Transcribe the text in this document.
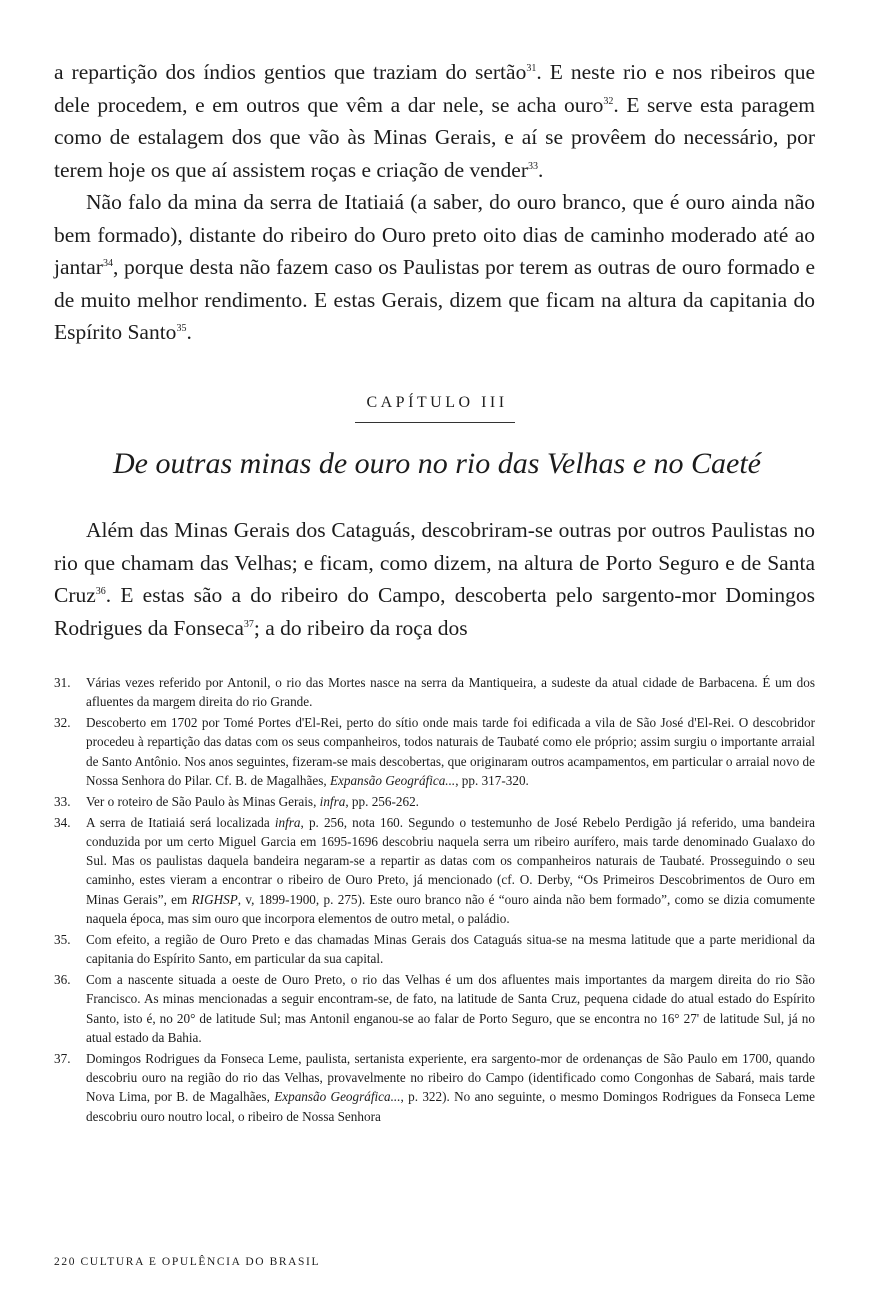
a repartição dos índios gentios que traziam do sertão$^{31}$. E neste rio e nos ribeiros que dele procedem, e em outros que vêm a dar nele, se acha ouro$^{32}$. E serve esta paragem como de estalagem dos que vão às Minas Gerais, e aí se provêem do necessário, por terem hoje os que aí assistem roças e criação de vender$^{33}$.

Não falo da mina da serra de Itatiaiá (a saber, do ouro branco, que é ouro ainda não bem formado), distante do ribeiro do Ouro preto oito dias de caminho moderado até ao jantar$^{34}$, porque desta não fazem caso os Paulistas por terem as outras de ouro formado e de muito melhor rendimento. E estas Gerais, dizem que ficam na altura da capitania do Espírito Santo$^{35}$.

CAPÍTULO III
De outras minas de ouro no rio das Velhas e no Caeté

Além das Minas Gerais dos Cataguás, descobriram-se outras por outros Paulistas no rio que chamam das Velhas; e ficam, como dizem, na altura de Porto Seguro e de Santa Cruz$^{36}$. E estas são a do ribeiro do Campo, descoberta pelo sargento-mor Domingos Rodrigues da Fonseca$^{37}$; a do ribeiro da roça dos

31. Várias vezes referido por Antonil, o rio das Mortes nasce na serra da Mantiqueira, a sudeste da atual cidade de Barbacena. É um dos afluentes da margem direita do rio Grande.
32. Descoberto em 1702 por Tomé Portes d'El-Rei, perto do sítio onde mais tarde foi edificada a vila de São José d'El-Rei. O descobridor procedeu à repartição das datas com os seus companheiros, todos naturais de Taubaté como ele próprio; assim surgiu o importante arraial de Santo Antônio. Nos anos seguintes, fizeram-se mais descobertas, que originaram outros acampamentos, em particular o arraial novo de Nossa Senhora do Pilar. Cf. B. de Magalhães, Expansão Geográfica..., pp. 317-320.
33. Ver o roteiro de São Paulo às Minas Gerais, infra, pp. 256-262.
34. A serra de Itatiaiá será localizada infra, p. 256, nota 160. Segundo o testemunho de José Rebelo Perdigão já referido, uma bandeira conduzida por um certo Miguel Garcia em 1695-1696 descobriu naquela serra um ribeiro aurífero, mais tarde denominado Gualaxo do Sul. Mas os paulistas daquela bandeira negaram-se a repartir as datas com os companheiros naturais de Taubaté. Prosseguindo o seu caminho, estes vieram a encontrar o ribeiro de Ouro Preto, já mencionado (cf. O. Derby, “Os Primeiros Descobrimentos de Ouro em Minas Gerais”, em RIGHSP, v, 1899-1900, p. 275). Este ouro branco não é “ouro ainda não bem formado”, como se dizia comumente naquela época, mas sim ouro que incorpora elementos de outro metal, o paládio.
35. Com efeito, a região de Ouro Preto e das chamadas Minas Gerais dos Cataguás situa-se na mesma latitude que a parte meridional da capitania do Espírito Santo, em particular da sua capital.
36. Com a nascente situada a oeste de Ouro Preto, o rio das Velhas é um dos afluentes mais importantes da margem direita do rio São Francisco. As minas mencionadas a seguir encontram-se, de fato, na latitude de Santa Cruz, pequena cidade do atual estado do Espírito Santo, isto é, no 20° de latitude Sul; mas Antonil enganou-se ao falar de Porto Seguro, que se encontra no 16° 27' de latitude Sul, já no atual estado da Bahia.
37. Domingos Rodrigues da Fonseca Leme, paulista, sertanista experiente, era sargento-mor de ordenanças de São Paulo em 1700, quando descobriu ouro na região do rio das Velhas, provavelmente no ribeiro do Campo (identificado como Congonhas de Sabará, mais tarde Nova Lima, por B. de Magalhães, Expansão Geográfica..., p. 322). No ano seguinte, o mesmo Domingos Rodrigues da Fonseca Leme descobriu ouro noutro local, o ribeiro de Nossa Senhora
220 CULTURA E OPULÊNCIA DO BRASIL
